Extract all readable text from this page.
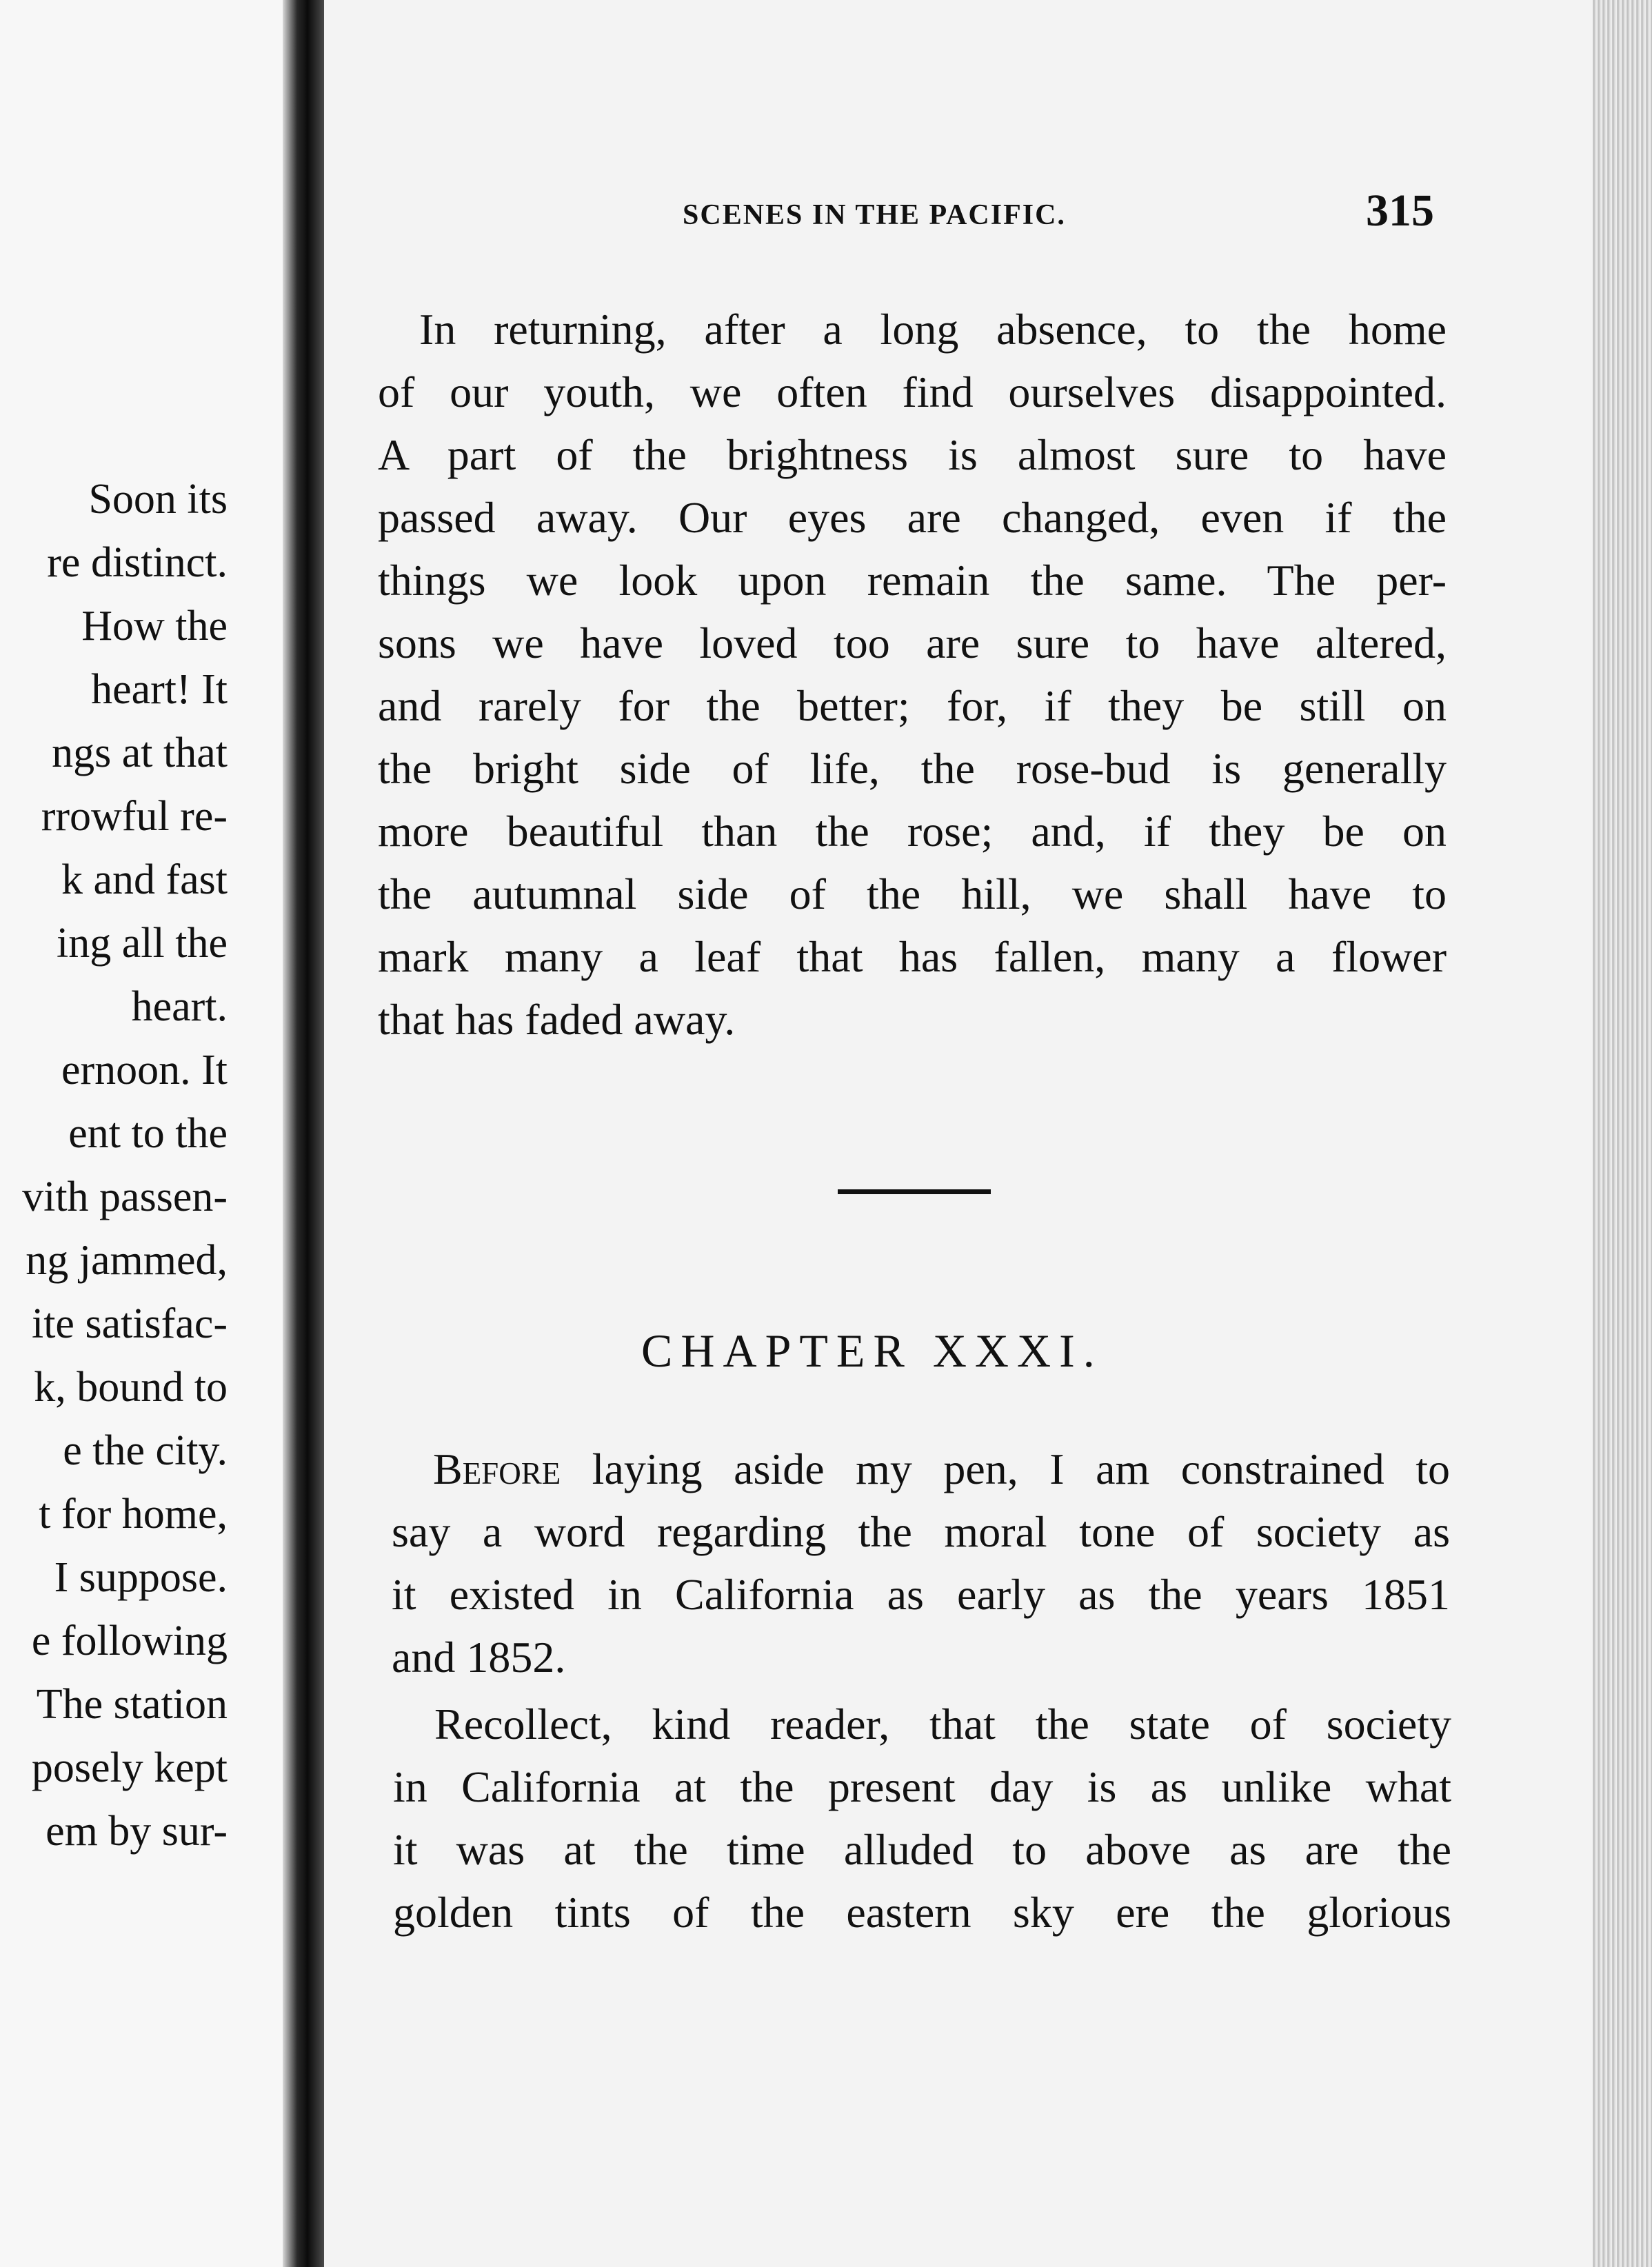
Soon its
re distinct.
How the
heart! It
ngs at that
rrowful re-
k and fast
ing all the
heart.
ernoon. It
ent to the
vith passen-
ng jammed,
ite satisfac-
k, bound to
e the city.
t for home,
I suppose.
e following
The station
posely kept
em by sur-
SCENES IN THE PACIFIC.	315
In returning, after a long absence, to the home
of our youth, we often find ourselves disappointed.
A part of the brightness is almost sure to have
passed away. Our eyes are changed, even if the
things we look upon remain the same. The per-
sons we have loved too are sure to have altered,
and rarely for the better; for, if they be still on
the bright side of life, the rose-bud is generally
more beautiful than the rose; and, if they be on
the autumnal side of the hill, we shall have to
mark many a leaf that has fallen, many a flower
that has faded away.
CHAPTER XXXI.
Before laying aside my pen, I am constrained to
say a word regarding the moral tone of society as
it existed in California as early as the years 1851
and 1852.
Recollect, kind reader, that the state of society
in California at the present day is as unlike what
it was at the time alluded to above as are the
golden tints of the eastern sky ere the glorious
